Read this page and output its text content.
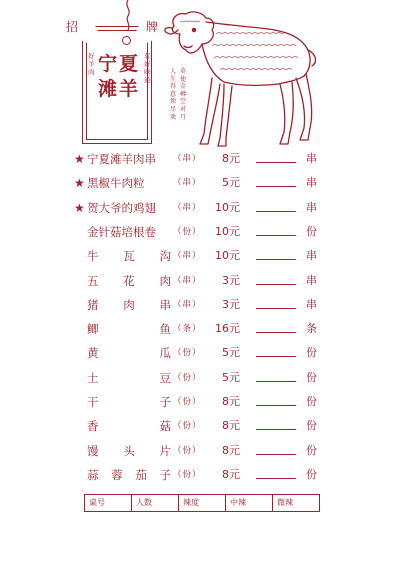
招	牌
宁夏滩羊
好羊肉
有好味道
人生得意须尽欢
莫使金樽空对月
★ 宁夏滩羊肉串	（串）	8元	串
★ 黑椒牛肉粒	（串）	5元	串
★ 贺大爷的鸡翅	（串）	10元	串
金针菇培根卷	（份）	10元	份
牛 瓦 沟 （串）	10元	串
五 花 肉 （串）	3元	串
猪 肉 串 （串）	3元	串
鲫	鱼 （条）	16元	条
黄	瓜 （份）	5元	份
土	豆 （份）	5元	份
干	子 （份）	8元	份
香	菇 （份）	8元	份
馒 头 片 （份）	8元	份
蒜 蓉 茄 子 （份）	8元	份
桌号	人数	辣度	中辣	微辣
